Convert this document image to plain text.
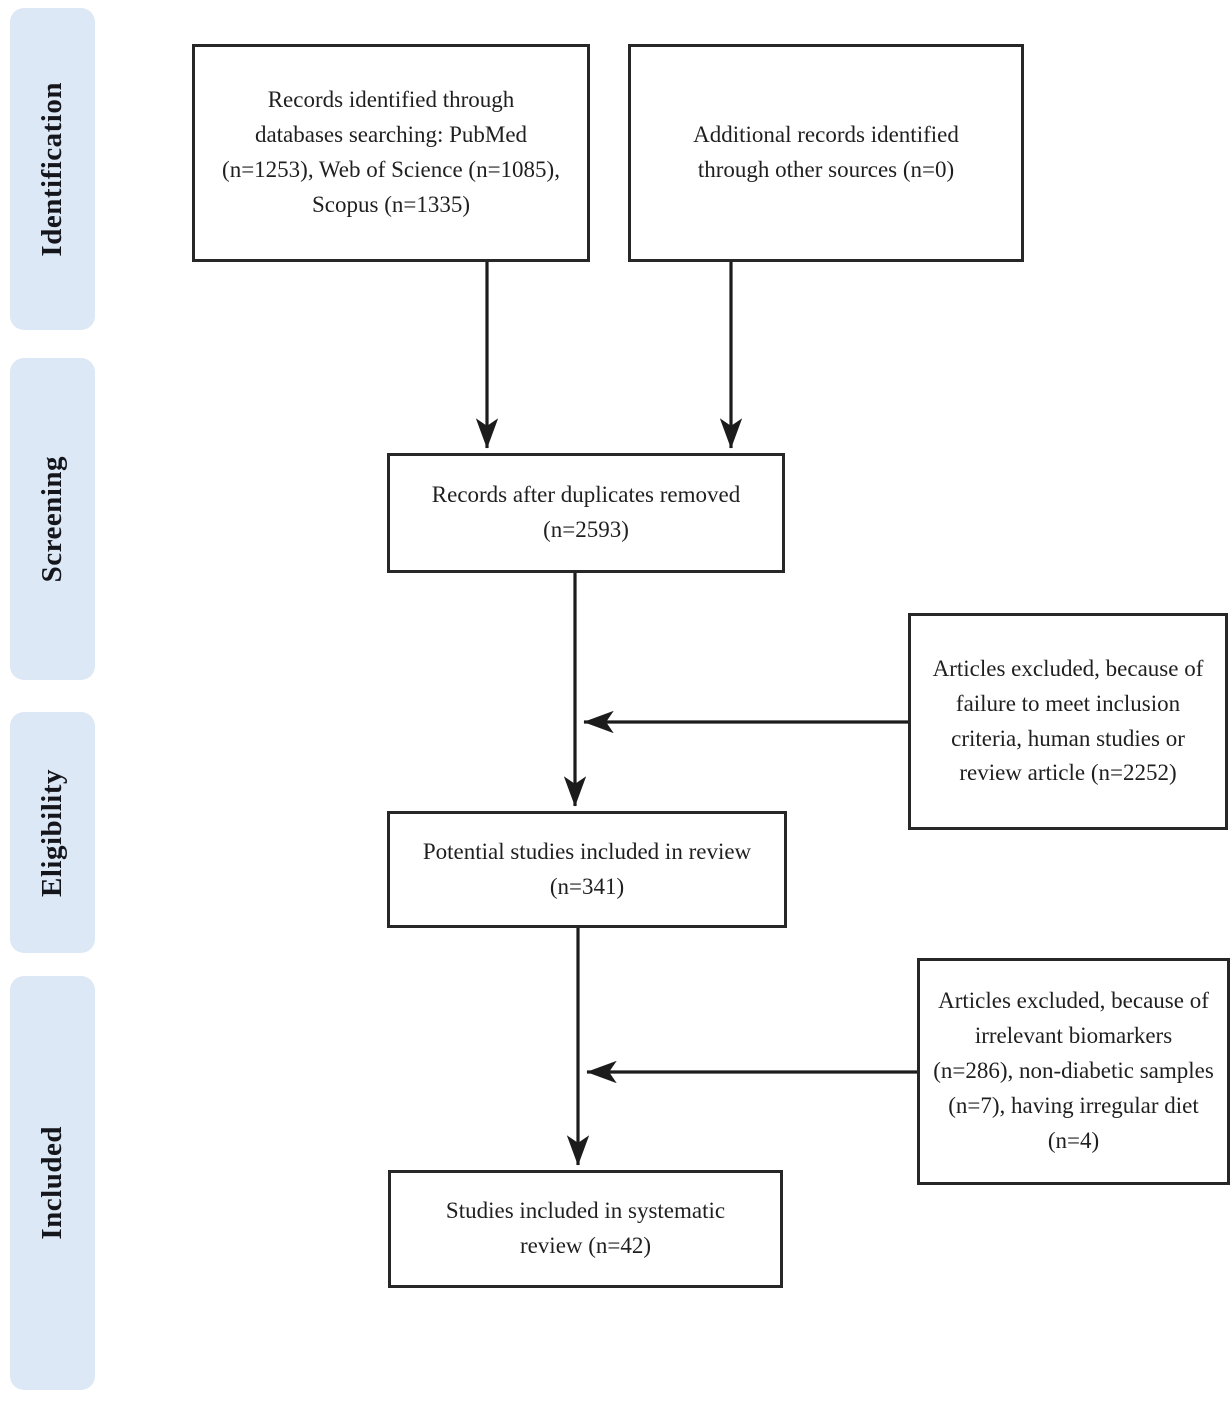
Identification
Screening
Eligibility
Included
Records identified through databases searching: PubMed (n=1253), Web of Science (n=1085), Scopus (n=1335)
Additional records identified through other sources (n=0)
Records after duplicates removed (n=2593)
Articles excluded, because of failure to meet inclusion criteria, human studies or review article (n=2252)
Potential studies included in review (n=341)
Articles excluded, because of irrelevant biomarkers (n=286), non-diabetic samples (n=7), having irregular diet (n=4)
Studies included in systematic review (n=42)
